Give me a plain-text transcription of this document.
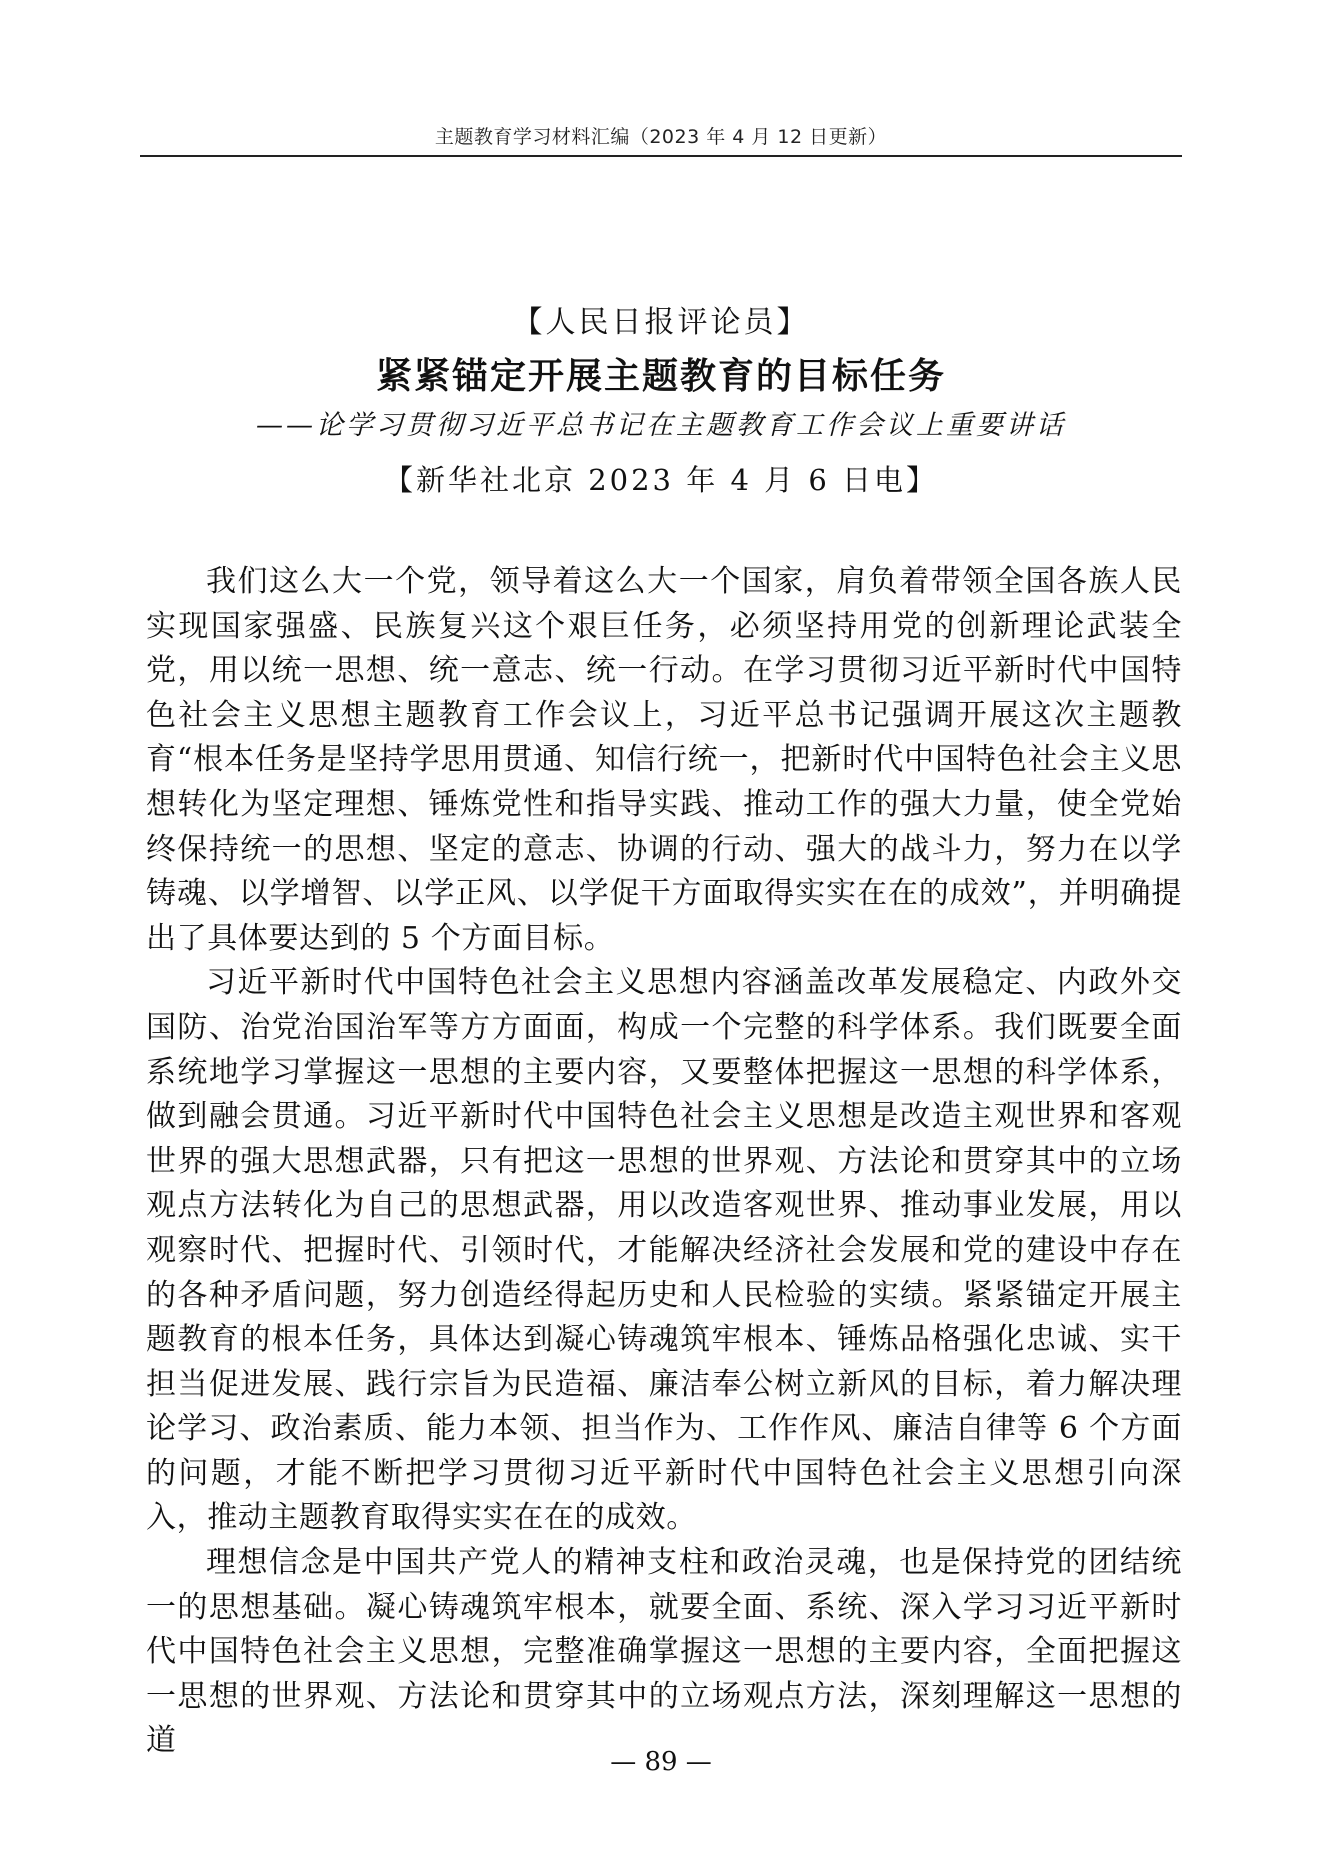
主题教育学习材料汇编（2023 年 4 月 12 日更新）

【人民日报评论员】

紧紧锚定开展主题教育的目标任务

——论学习贯彻习近平总书记在主题教育工作会议上重要讲话

【新华社北京 2023 年 4 月 6 日电】

我们这么大一个党，领导着这么大一个国家，肩负着带领全国各族人民实现国家强盛、民族复兴这个艰巨任务，必须坚持用党的创新理论武装全党，用以统一思想、统一意志、统一行动。在学习贯彻习近平新时代中国特色社会主义思想主题教育工作会议上，习近平总书记强调开展这次主题教育“根本任务是坚持学思用贯通、知信行统一，把新时代中国特色社会主义思想转化为坚定理想、锤炼党性和指导实践、推动工作的强大力量，使全党始终保持统一的思想、坚定的意志、协调的行动、强大的战斗力，努力在以学铸魂、以学增智、以学正风、以学促干方面取得实实在在的成效”，并明确提出了具体要达到的 5 个方面目标。

习近平新时代中国特色社会主义思想内容涵盖改革发展稳定、内政外交国防、治党治国治军等方方面面，构成一个完整的科学体系。我们既要全面系统地学习掌握这一思想的主要内容，又要整体把握这一思想的科学体系，做到融会贯通。习近平新时代中国特色社会主义思想是改造主观世界和客观世界的强大思想武器，只有把这一思想的世界观、方法论和贯穿其中的立场观点方法转化为自己的思想武器，用以改造客观世界、推动事业发展，用以观察时代、把握时代、引领时代，才能解决经济社会发展和党的建设中存在的各种矛盾问题，努力创造经得起历史和人民检验的实绩。紧紧锚定开展主题教育的根本任务，具体达到凝心铸魂筑牢根本、锤炼品格强化忠诚、实干担当促进发展、践行宗旨为民造福、廉洁奉公树立新风的目标，着力解决理论学习、政治素质、能力本领、担当作为、工作作风、廉洁自律等 6 个方面的问题，才能不断把学习贯彻习近平新时代中国特色社会主义思想引向深入，推动主题教育取得实实在在的成效。

理想信念是中国共产党人的精神支柱和政治灵魂，也是保持党的团结统一的思想基础。凝心铸魂筑牢根本，就要全面、系统、深入学习习近平新时代中国特色社会主义思想，完整准确掌握这一思想的主要内容，全面把握这一思想的世界观、方法论和贯穿其中的立场观点方法，深刻理解这一思想的道

— 89 —
